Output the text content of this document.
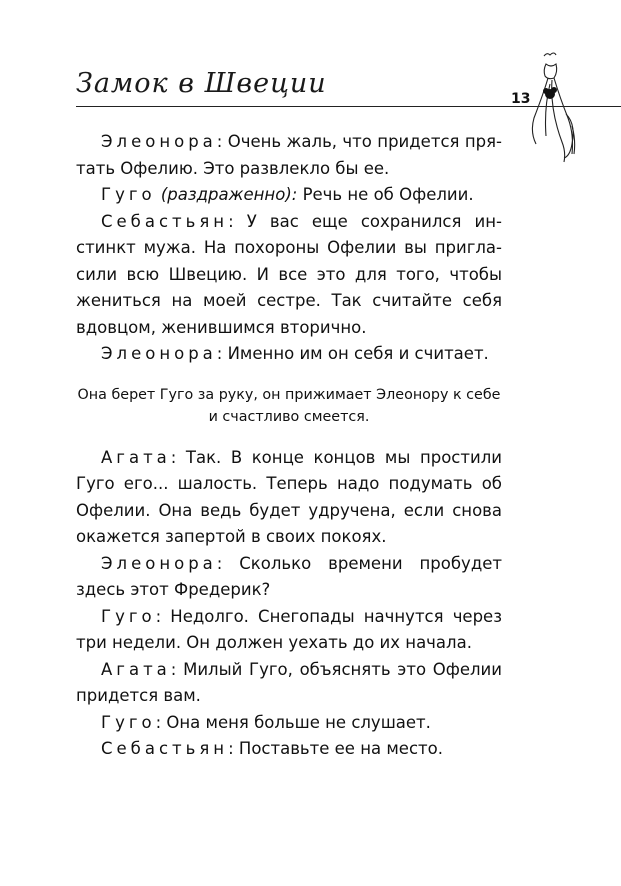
Замок в Швеции	13

Элеонора: Очень жаль, что придется прятать Офелию. Это развлекло бы ее.

Гуго (раздраженно): Речь не об Офелии.

Себастьян: У вас еще сохранился инстинкт мужа. На похороны Офелии вы пригласили всю Швецию. И все это для того, чтобы жениться на моей сестре. Так считайте себя вдовцом, женившимся вторично.

Элеонора: Именно им он себя и считает.

Она берет Гуго за руку, он прижимает Элеонору к себе и счастливо смеется.

Агата: Так. В конце концов мы простили Гуго его... шалость. Теперь надо подумать об Офелии. Она ведь будет удручена, если снова окажется запертой в своих покоях.

Элеонора: Сколько времени пробудет здесь этот Фредерик?

Гуго: Недолго. Снегопады начнутся через три недели. Он должен уехать до их начала.

Агата: Милый Гуго, объяснять это Офелии придется вам.

Гуго: Она меня больше не слушает.

Себастьян: Поставьте ее на место.
